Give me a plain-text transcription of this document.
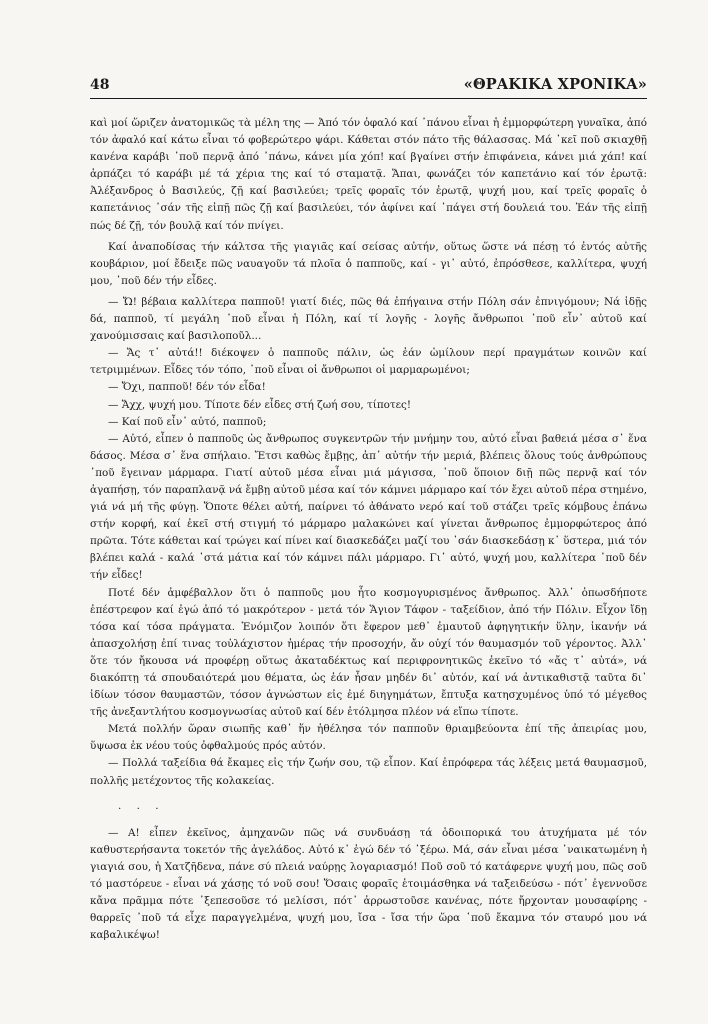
48	«ΘΡΑΚΙΚΑ ΧΡΟΝΙΚΑ»

καὶ μοί ὥριζεν ἀνατομικῶς τὰ μέλη της — Ἀπό τόν ὀφαλό καί ᾽πάνου εἶναι ἡ ἐμμορφώτερη γυναῖκα, ἀπό τόν ἀφαλό καί κάτω εἶναι τό φοβερώτερο ψάρι. Κάθεται στόν πάτο τῆς θάλασσας. Μά ᾽κεῖ ποῦ σκιαχθῇ κανένα καράβι ᾽ποῦ περνᾷ ἀπό ᾽πάνω, κάνει μία χόπ! καί βγαίνει στήν ἐπιφάνεια, κάνει μιά χάπ! καί ἁρπάζει τό καράβι μέ τά χέρια της καί τό σταματᾷ. Ἄπαι, φωνάζει τόν καπετάνιο καί τόν ἐρωτᾷ: Ἀλέξανδρος ὁ Βασιλεύς, ζῇ καί βασιλεύει; τρεῖς φοραῖς τόν ἐρωτᾷ, ψυχή μου, καί τρεῖς φοραῖς ὁ καπετάνιος ᾽σάν τῆς εἰπῇ πῶς ζῇ καί βασιλεύει, τόν ἀφίνει καί ᾽πάγει στή δουλειά του. Ἐάν τῆς εἰπῇ πώς δέ ζῇ, τόν βουλᾷ καί τόν πνίγει.

Καί ἀναποδίσας τήν κάλτσα τῆς γιαγιᾶς καί σείσας αὐτήν, οὕτως ὥστε νά πέσῃ τό ἐντός αὐτῆς κουβάριον, μοί ἔδειξε πῶς ναυαγοῦν τά πλοῖα ὁ παπποῦς, καί - γι᾽ αὐτό, ἐπρόσθεσε, καλλίτερα, ψυχή μου, ᾽ποῦ δέν τήν εἶδες.

— Ὤ! βέβαια καλλίτερα παπποῦ! γιατί διές, πῶς θά ἐπήγαινα στήν Πόλη σάν ἐπνιγόμουν; Νά ἰδῇς δά, παπποῦ, τί μεγάλη ᾽ποῦ εἶναι ἡ Πόλη, καί τί λογῆς - λογῆς ἄνθρωποι ᾽ποῦ εἶν᾽ αὐτοῦ καί χανούμισσαις καί βασιλοποῦλ...

— Ἄς τ᾽ αὐτά!! διέκοψεν ὁ παπποῦς πάλιν, ὡς ἐάν ὡμίλουν περί πραγμάτων κοινῶν καί τετριμμένων. Εἶδες τόν τόπο, ᾽ποῦ εἶναι οἱ ἄνθρωποι οἱ μαρμαρωμένοι;

— Ὄχι, παπποῦ! δέν τόν εἶδα!

— Ἄχχ, ψυχή μου. Τίποτε δέν εἶδες στή ζωή σου, τίποτες!

— Καί ποῦ εἶν᾽ αὐτό, παπποῦ;

— Αὐτό, εἶπεν ὁ παπποῦς ὡς ἄνθρωπος συγκεντρῶν τήν μνήμην του, αὐτό εἶναι βαθειά μέσα σ᾽ ἕνα δάσος. Μέσα σ᾽ ἕνα σπήλαιο. Ἔτσι καθὼς ἔμβῃς, ἀπ᾽ αὐτήν τήν μεριά, βλέπεις ὅλους τούς ἀνθρώπους ᾽ποῦ ἔγειναν μάρμαρα. Γιατί αὐτοῦ μέσα εἶναι μιά μάγισσα, ᾽ποῦ ὅποιον διῇ πῶς περνᾷ καί τόν ἀγαπήσῃ, τόν παραπλανᾷ νά ἔμβῃ αὐτοῦ μέσα καί τόν κάμνει μάρμαρο καί τόν ἔχει αὐτοῦ πέρα στημένο, γιά νά μή τῆς φύγῃ. Ὅποτε θέλει αὐτή, παίρνει τό ἀθάνατο νερό καί τοῦ στάζει τρεῖς κόμβους ἐπάνω στήν κορφή, καί ἐκεῖ στή στιγμή τό μάρμαρο μαλακώνει καί γίνεται ἄνθρωπος ἐμμορφώτερος ἀπό πρῶτα. Τότε κάθεται καί τρώγει καί πίνει καί διασκεδάζει μαζί του ᾽σάν διασκεδάσῃ κ᾽ ὕστερα, μιά τόν βλέπει καλά - καλά ᾽στά μάτια καί τόν κάμνει πάλι μάρμαρο. Γι᾽ αὐτό, ψυχή μου, καλλίτερα ᾽ποῦ δέν τήν εἶδες!

Ποτέ δέν ἀμφέβαλλον ὅτι ὁ παπποῦς μου ἦτο κοσμογυρισμένος ἄνθρωπος. Ἀλλ᾽ ὁπωσδήποτε ἐπέστρεφον καί ἐγώ ἀπό τό μακρότερον - μετά τόν Ἅγιον Τάφον - ταξείδιον, ἀπό τήν Πόλιν. Εἶχον ἴδῃ τόσα καί τόσα πράγματα. Ἐνόμιζον λοιπόν ὅτι ἔφερον μεθ᾽ ἐμαυτοῦ ἀφηγητικήν ὕλην, ἱκανήν νά ἀπασχολήσῃ ἐπί τινας τοὐλάχιστον ἡμέρας τήν προσοχήν, ἄν οὐχί τόν θαυμασμόν τοῦ γέροντος. Ἀλλ᾽ ὅτε τόν ἤκουσα νά προφέρῃ οὕτως ἀκαταδέκτως καί περιφρονητικῶς ἐκεῖνο τό «ἄς τ᾽ αὐτά», νά διακόπτῃ τά σπουδαιότερά μου θέματα, ὡς ἐάν ἦσαν μηδέν δι᾽ αὐτόν, καί νά ἀντικαθιστᾷ ταῦτα δι᾽ ἰδίων τόσον θαυμαστῶν, τόσον ἀγνώστων εἰς ἐμέ διηγημάτων, ἔπτυξα κατησχυμένος ὑπό τό μέγεθος τῆς ἀνεξαντλήτου κοσμογνωσίας αὐτοῦ καί δέν ἐτόλμησα πλέον νά εἴπω τίποτε.

Μετά πολλήν ὥραν σιωπῆς καθ᾽ ἥν ἠθέλησα τόν παπποῦν θριαμβεύοντα ἐπί τῆς ἀπειρίας μου, ὕψωσα ἐκ νέου τούς ὀφθαλμούς πρός αὐτόν.

— Πολλά ταξείδια θά ἔκαμες εἰς τήν ζωήν σου, τῷ εἶπον. Καί ἐπρόφερα τάς λέξεις μετά θαυμασμοῦ, πολλῆς μετέχοντος τῆς κολακείας.

. . .

— Α! εἶπεν ἐκεῖνος, ἀμηχανῶν πῶς νά συνδυάσῃ τά ὁδοιπορικά του ἀτυχήματα μέ τόν καθυστερήσαντα τοκετόν τῆς ἀγελάδος. Αὐτό κ᾽ ἐγώ δέν τό ᾽ξέρω. Μά, σάν εἶναι μέσα ᾽ναικατωμένη ἡ γιαγιά σου, ἡ Χατζῆδενα, πάνε σύ πλειά ναύρῃς λογαριασμό! Ποῦ σοῦ τό κατάφερνε ψυχή μου, πῶς σοῦ τό μαστόρευε - εἶναι νά χάσῃς τό νοῦ σου! Ὅσαις φοραῖς ἑτοιμάσθηκα νά ταξειδεύσω - πότ᾽ ἐγεννοῦσε κἄνα πρᾶμμα πότε ᾽ξεπεσοῦσε τό μελίσσι, πότ᾽ ἀρρωστοῦσε κανένας, πότε ἤρχονταν μουσαφίρης - θαρρεῖς ᾽ποῦ τά εἶχε παραγγελμένα, ψυχή μου, ἴσα - ἴσα τήν ὥρα ᾽ποῦ ἔκαμνα τόν σταυρό μου νά καβαλικέψω!
